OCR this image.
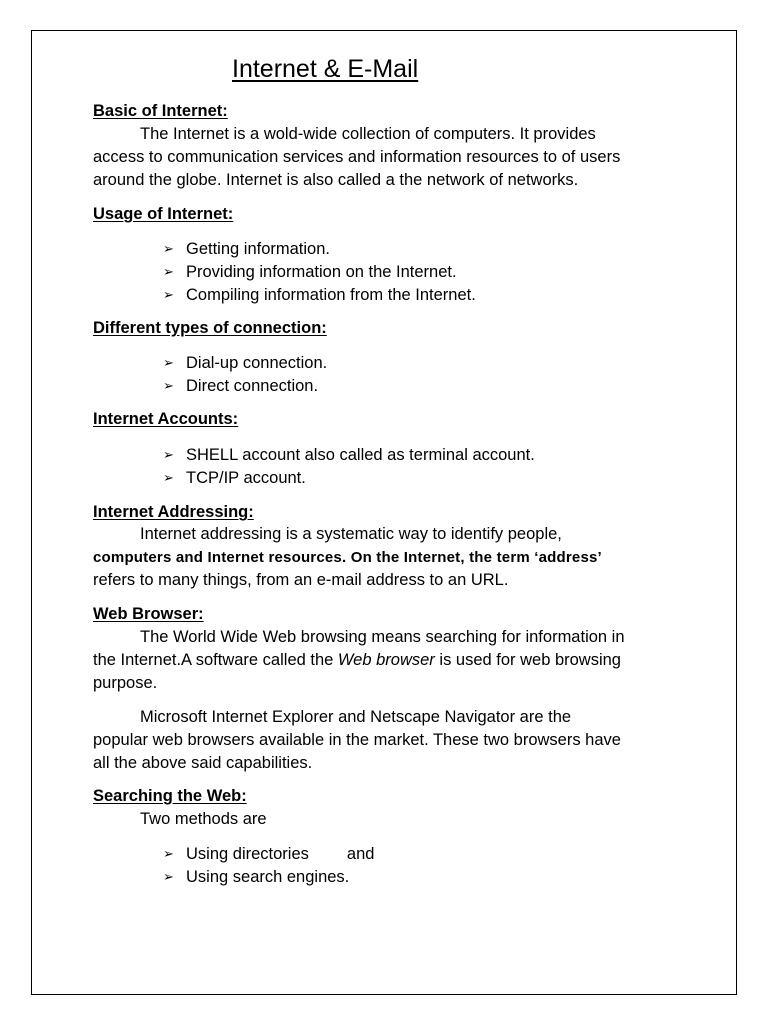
Internet & E-Mail
Basic of Internet:
The Internet is a wold-wide collection of computers. It provides
access to communication services and information resources to of users
around the globe. Internet is also called a the network of networks.
Usage of Internet:
➢ Getting information.
➢ Providing information on the Internet.
➢ Compiling information from the Internet.
Different types of connection:
➢ Dial-up connection.
➢ Direct connection.
Internet Accounts:
➢ SHELL account also called as terminal account.
➢ TCP/IP account.
Internet Addressing:
Internet addressing is a systematic way to identify people,
computers and Internet resources. On the Internet, the term ‘address’
refers to many things, from an e-mail address to an URL.
Web Browser:
The World Wide Web browsing means searching for information in
the Internet.A software called the Web browser is used for web browsing
purpose.
Microsoft Internet Explorer and Netscape Navigator are the
popular web browsers available in the market. These two browsers have
all the above said capabilities.
Searching the Web:
Two methods are
➢ Using directories and
➢ Using search engines.
